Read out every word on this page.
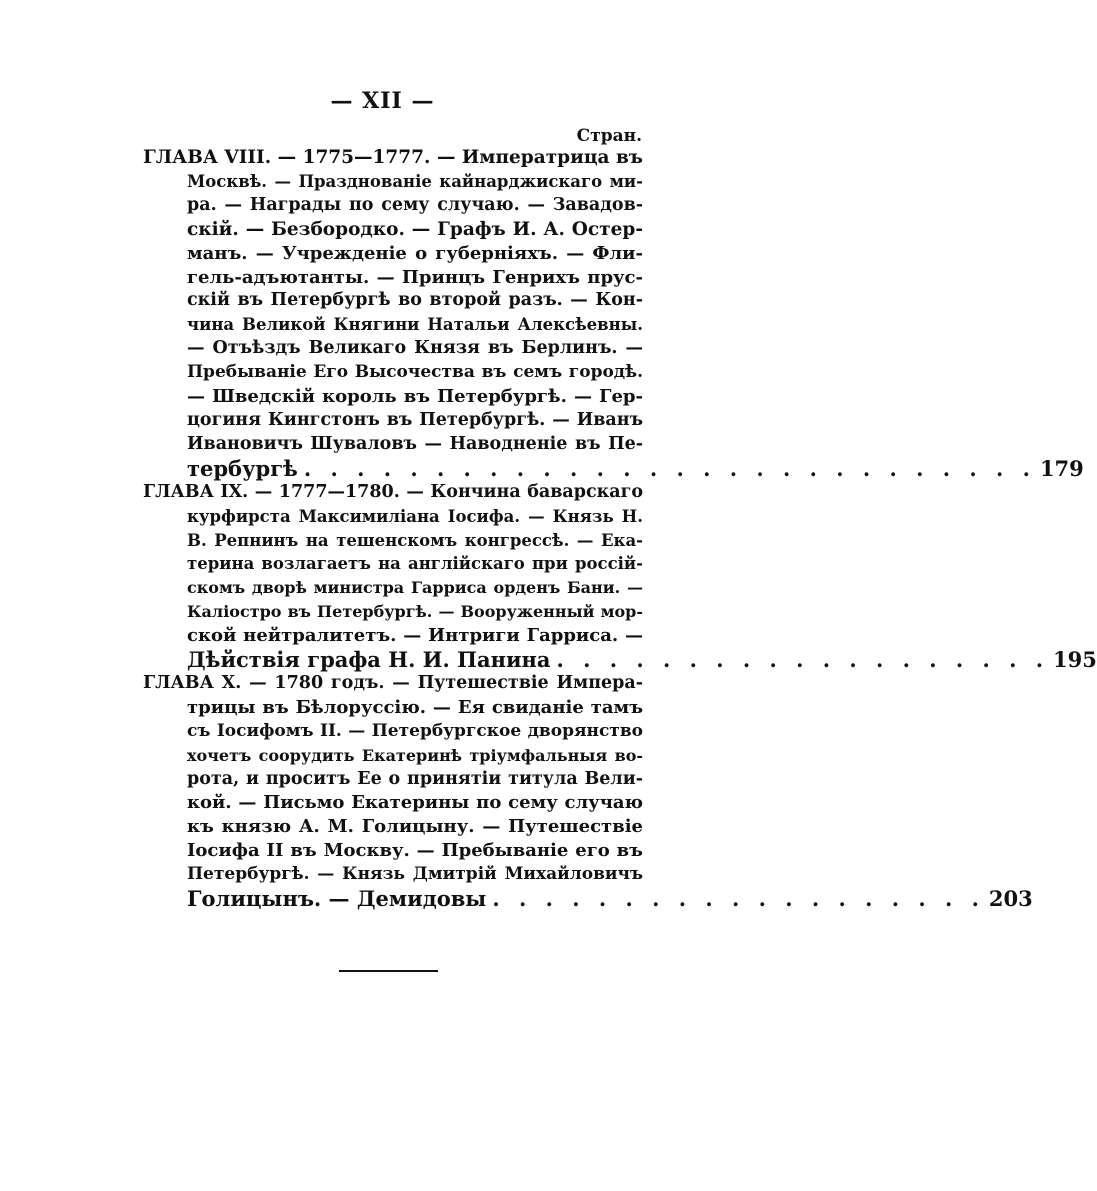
— XII —
Стран.
ГЛАВА VIII. — 1775—1777. — Императрица въ
Москвѣ. — Празднованіе кайнарджискаго ми-
ра. — Награды по сему случаю. — Завадов-
скій. — Безбородко. — Графъ И. А. Остер-
манъ. — Учрежденіе о губерніяхъ. — Фли-
гель-адъютанты. — Принцъ Генрихъ прус-
скій въ Петербургѣ во второй разъ. — Кон-
чина Великой Княгини Натальи Алексѣевны.
— Отъѣздъ Великаго Князя въ Берлинъ. —
Пребываніе Его Высочества въ семъ городѣ.
— Шведскій король въ Петербургѣ. — Гер-
цогиня Кингстонъ въ Петербургѣ. — Иванъ
Ивановичъ Шуваловъ — Наводненіе въ Пе-
тербургѣ . . . . . . . . . . . . . . . . . . . . . . . . . . . . 179
ГЛАВА IX. — 1777—1780. — Кончина баварскаго
курфирста Максимиліана Іосифа. — Князь Н.
В. Репнинъ на тешенскомъ конгрессѣ. — Ека-
терина возлагаетъ на англійскаго при россій-
скомъ дворѣ министра Гарриса орденъ Бани. —
Каліостро въ Петербургѣ. — Вооруженный мор-
ской нейтралитетъ. — Интриги Гарриса. —
Дѣйствія графа Н. И. Панина . . . . . . . . . . . . . . . . . . . 195
ГЛАВА X. — 1780 годъ. — Путешествіе Импера-
трицы въ Бѣлоруссію. — Ея свиданіе тамъ
съ Іосифомъ II. — Петербургское дворянство
хочетъ соорудить Екатеринѣ тріумфальныя во-
рота, и проситъ Ее о принятіи титула Вели-
кой. — Письмо Екатерины по сему случаю
къ князю А. М. Голицыну. — Путешествіе
Іосифа II въ Москву. — Пребываніе его въ
Петербургѣ. — Князь Дмитрій Михайловичъ
Голицынъ. — Демидовы . . . . . . . . . . . . . . . . . . . 203
